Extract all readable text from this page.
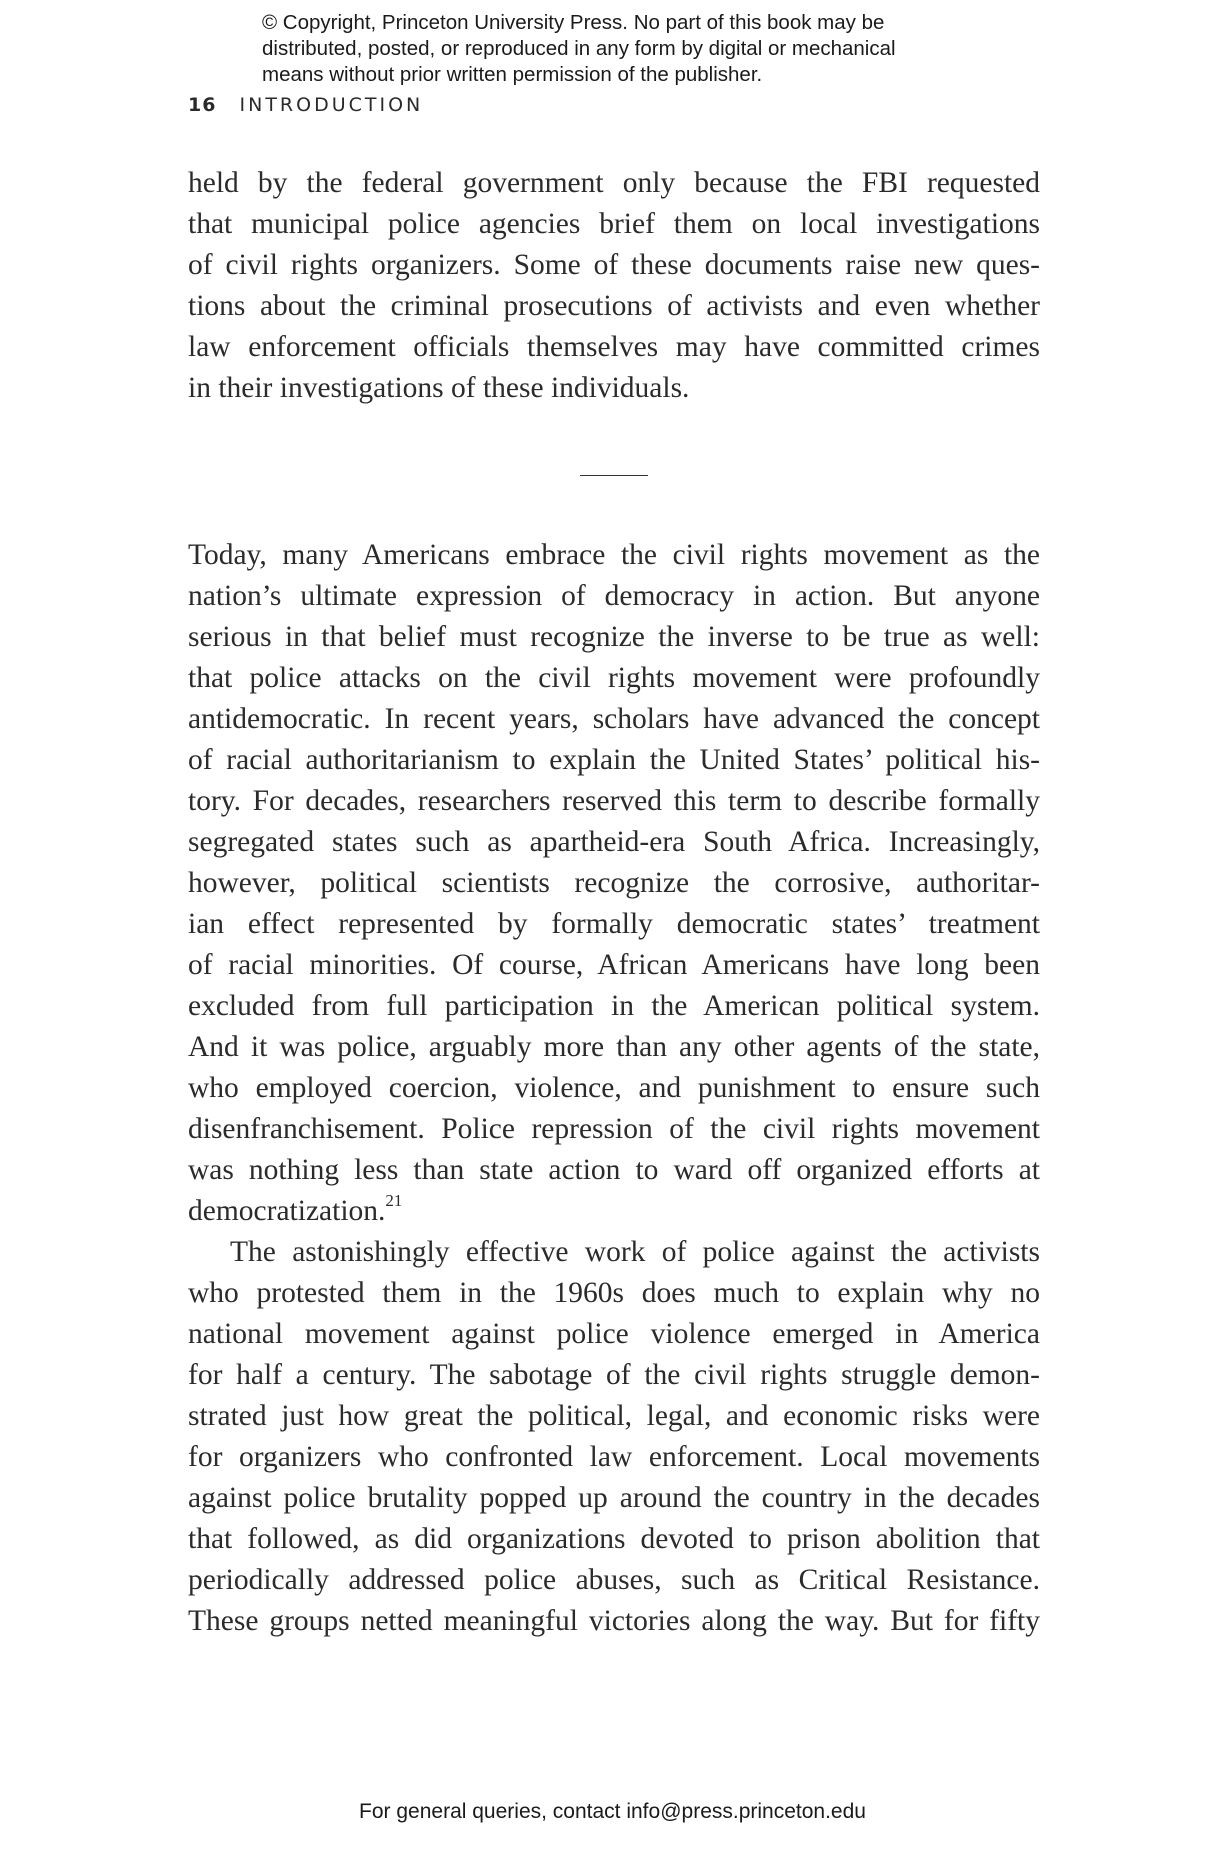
© Copyright, Princeton University Press. No part of this book may be
distributed, posted, or reproduced in any form by digital or mechanical
means without prior written permission of the publisher.
16 INTRODUCTION
held by the federal government only because the FBI requested
that municipal police agencies brief them on local investigations
of civil rights organizers. Some of these documents raise new ques-
tions about the criminal prosecutions of activists and even whether
law enforcement officials themselves may have committed crimes
in their investigations of these individuals.
Today, many Americans embrace the civil rights movement as the
nation’s ultimate expression of democracy in action. But anyone
serious in that belief must recognize the inverse to be true as well:
that police attacks on the civil rights movement were profoundly
antidemocratic. In recent years, scholars have advanced the concept
of racial authoritarianism to explain the United States’ political his-
tory. For decades, researchers reserved this term to describe formally
segregated states such as apartheid-era South Africa. Increasingly,
however, political scientists recognize the corrosive, authoritar-
ian effect represented by formally democratic states’ treatment
of racial minorities. Of course, African Americans have long been
excluded from full participation in the American political system.
And it was police, arguably more than any other agents of the state,
who employed coercion, violence, and punishment to ensure such
disenfranchisement. Police repression of the civil rights movement
was nothing less than state action to ward off organized efforts at
democratization.$^{21}$
The astonishingly effective work of police against the activists
who protested them in the 1960s does much to explain why no
national movement against police violence emerged in America
for half a century. The sabotage of the civil rights struggle demon-
strated just how great the political, legal, and economic risks were
for organizers who confronted law enforcement. Local movements
against police brutality popped up around the country in the decades
that followed, as did organizations devoted to prison abolition that
periodically addressed police abuses, such as Critical Resistance.
These groups netted meaningful victories along the way. But for fifty
For general queries, contact info@press.princeton.edu
